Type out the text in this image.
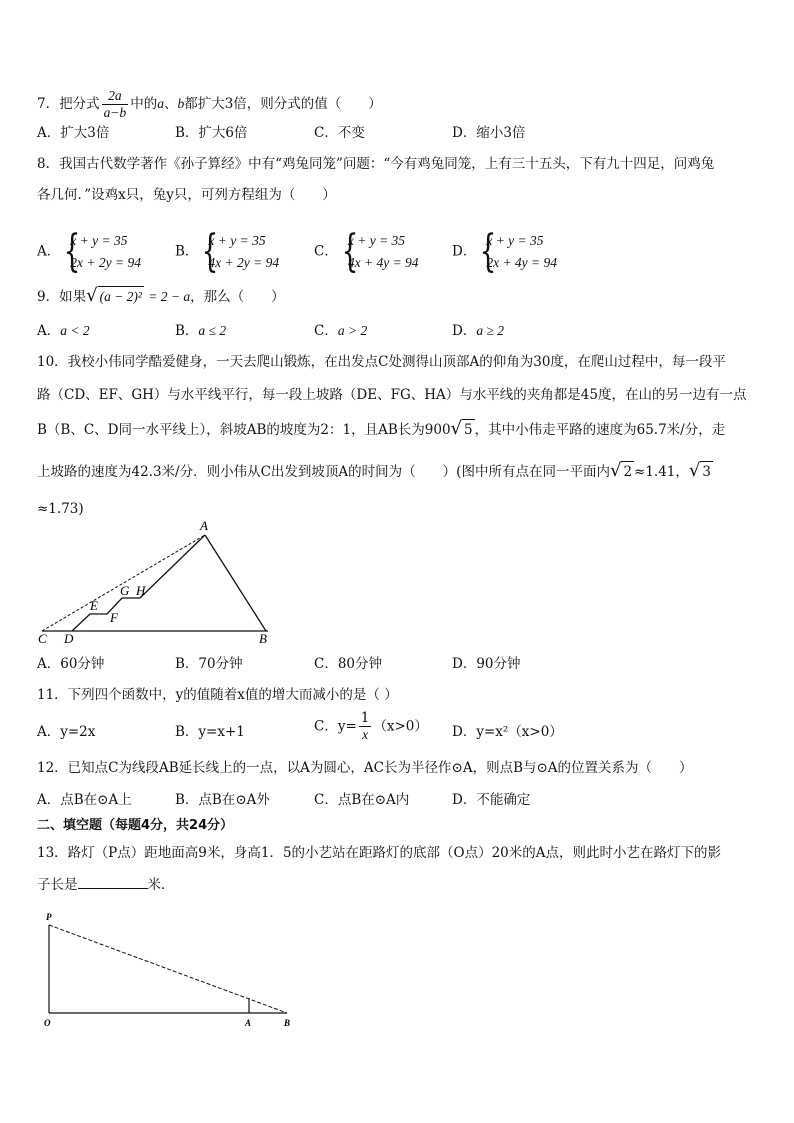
7．把分式 $\frac{2a}{a-b}$ 中的a、b都扩大3倍，则分式的值（　　）
A．扩大3倍	B．扩大6倍	C．不变	D．缩小3倍
8．我国古代数学著作《孙子算经》中有“鸡兔同笼”问题：“今有鸡兔同笼，上有三十五头，下有九十四足，问鸡兔
各几何．”设鸡x只，兔y只，可列方程组为（　　）
A． {
x + y = 35
2x + 2y = 94
B． {
x + y = 35
4x + 2y = 94
C． {
x + y = 35
4x + 4y = 94
D． {
x + y = 35
2x + 4y = 94
9．如果√ (a − 2)² = 2 − a，那么（　　）
A．a < 2	B．a ≤ 2	C．a > 2	D．a ≥ 2
10．我校小伟同学酷爱健身，一天去爬山锻炼，在出发点C处测得山顶部A的仰角为30度，在爬山过程中，每一段平
路（CD、EF、GH）与水平线平行，每一段上坡路（DE、FG、HA）与水平线的夹角都是45度，在山的另一边有一点
B（B、C、D同一水平线上），斜坡AB的坡度为2：1，且AB长为900√ 5 ，其中小伟走平路的速度为65.7米/分，走
上坡路的速度为42.3米/分．则小伟从C出发到坡顶A的时间为（　　）(图中所有点在同一平面内√ 2 ≈1.41，√ 3
≈1.73)
A
B
C D
E
F
G H
A．60分钟	B．70分钟	C．80分钟	D．90分钟
11．下列四个函数中，y的值随着x值的增大而减小的是（ ）
A．y=2x	B．y=x+1	C．$y= \frac{1}{x} (x>0)$ D．y=x²（x>0）
12．已知点C为线段AB延长线上的一点，以A为圆心，AC长为半径作⊙A，则点B与⊙A的位置关系为（　　）
A．点B在⊙A上	B．点B在⊙A外	C．点B在⊙A内	D．不能确定
二、填空题（每题4分，共24分）
13．路灯（P点）距地面高9米，身高1．5的小艺站在距路灯的底部（O点）20米的A点，则此时小艺在路灯下的影
子长是	米．
P
O	A	B
